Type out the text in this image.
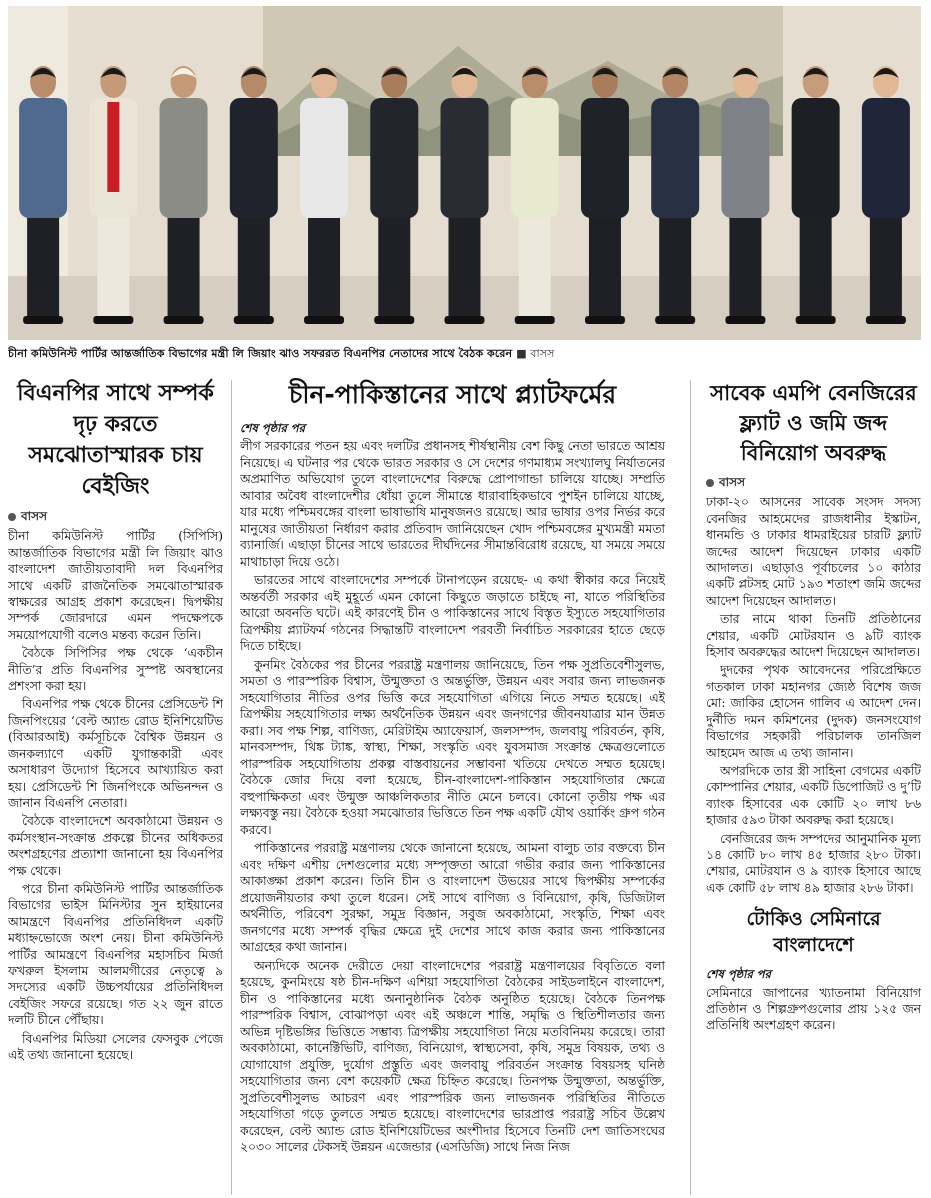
চীনা কমিউনিস্ট পার্টির আন্তর্জাতিক বিভাগের মন্ত্রী লি জিয়াং ঝাও সফররত বিএনপির নেতাদের সাথে বৈঠক করেন ■ বাসস
বিএনপির সাথে সম্পর্ক দৃঢ় করতে সমঝোতাস্মারক চায় বেইজিং
বাসস

চীনা কমিউনিস্ট পার্টির (সিপিসি) আন্তর্জাতিক বিভাগের মন্ত্রী লি জিয়াং ঝাও বাংলাদেশ জাতীয়তাবাদী দল বিএনপির সাথে একটি রাজনৈতিক সমঝোতাস্মারক স্বাক্ষরের আগ্রহ প্রকাশ করেছেন। দ্বিপক্ষীয় সম্পর্ক জোরদারে এমন পদক্ষেপকে সময়োপযোগী বলেও মন্তব্য করেন তিনি।

বৈঠকে সিপিসির পক্ষ থেকে ‘একচীন নীতি’র প্রতি বিএনপির সুস্পষ্ট অবস্থানের প্রশংসা করা হয়।

বিএনপির পক্ষ থেকে চীনের প্রেসিডেন্ট শি জিনপিংয়ের ‘বেল্ট অ্যান্ড রোড ইনিশিয়েটিভ (বিআরআই) কর্মসূচিকে বৈশ্বিক উন্নয়ন ও জনকল্যাণে একটি যুগান্তকারী এবং অসাধারণ উদ্যোগ হিসেবে আখ্যায়িত করা হয়। প্রেসিডেন্ট শি জিনপিংকে অভিনন্দন ও জানান বিএনপি নেতারা।

বৈঠকে বাংলাদেশে অবকাঠামো উন্নয়ন ও কর্মসংস্থান-সংক্রান্ত প্রকল্পে চীনের অধিকতর অংশগ্রহণের প্রত্যাশা জানানো হয় বিএনপির পক্ষ থেকে।

পরে চীনা কমিউনিস্ট পার্টির আন্তর্জাতিক বিভাগের ভাইস মিনিস্টার সুন হাইয়ানের আমন্ত্রণে বিএনপির প্রতিনিধিদল একটি মধ্যাহ্নভোজে অংশ নেয়। চীনা কমিউনিস্ট পার্টির আমন্ত্রণে বিএনপির মহাসচিব মির্জা ফখরুল ইসলাম আলমগীরের নেতৃত্বে ৯ সদস্যের একটি উচ্চপর্যায়ের প্রতিনিধিদল বেইজিং সফরে রয়েছে। গত ২২ জুন রাতে দলটি চীনে পৌঁছায়।

বিএনপির মিডিয়া সেলের ফেসবুক পেজে এই তথ্য জানানো হয়েছে।

চীন-পাকিস্তানের সাথে প্ল্যাটফর্মের
শেষ পৃষ্ঠার পর

লীগ সরকারের পতন হয় এবং দলটির প্রধানসহ শীর্ষস্থানীয় বেশ কিছু নেতা ভারতে আশ্রয় নিয়েছে। এ ঘটনার পর থেকে ভারত সরকার ও সে দেশের গণমাধ্যম সংখ্যালঘু নির্যাতনের অপ্রমাণিত অভিযোগ তুলে বাংলাদেশের বিরুদ্ধে প্রোপাগান্ডা চালিয়ে যাচ্ছে। সম্প্রতি আবার অবৈধ বাংলাদেশীর ধোঁয়া তুলে সীমান্তে ধারাবাহিকভাবে পুশইন চালিয়ে যাচ্ছে, যার মধ্যে পশ্চিমবঙ্গের বাংলা ভাষাভাষি মানুষজনও রয়েছে। আর ভাষার ওপর নির্ভর করে মানুষের জাতীয়তা নির্ধারণ করার প্রতিবাদ জানিয়েছেন খোদ পশ্চিমবঙ্গের মুখ্যমন্ত্রী মমতা ব্যানার্জি। এছাড়া চীনের সাথে ভারতের দীর্ঘদিনের সীমান্তবিরোধ রয়েছে, যা সময়ে সময়ে মাথাচাড়া দিয়ে ওঠে।

ভারতের সাথে বাংলাদেশের সম্পর্কে টানাপড়েন রয়েছে- এ কথা স্বীকার করে নিয়েই অন্তর্বর্তী সরকার এই মুহূর্তে এমন কোনো কিছুতে জড়াতে চাইছে না, যাতে পরিস্থিতির আরো অবনতি ঘটে। এই কারণেই চীন ও পাকিস্তানের সাথে বিস্তৃত ইস্যুতে সহযোগিতার ত্রিপক্ষীয় প্ল্যাটফর্ম গঠনের সিদ্ধান্তটি বাংলাদেশ পরবর্তী নির্বাচিত সরকারের হাতে ছেড়ে দিতে চাইছে।

কুনমিং বৈঠকের পর চীনের পররাষ্ট্র মন্ত্রণালয় জানিয়েছে, তিন পক্ষ সুপ্রতিবেশীসুলভ, সমতা ও পারস্পরিক বিশ্বাস, উন্মুক্ততা ও অন্তর্ভুক্তি, উন্নয়ন এবং সবার জন্য লাভজনক সহযোগিতার নীতির ওপর ভিত্তি করে সহযোগিতা এগিয়ে নিতে সম্মত হয়েছে। এই ত্রিপক্ষীয় সহযোগিতার লক্ষ্য অর্থনৈতিক উন্নয়ন এবং জনগণের জীবনযাত্রার মান উন্নত করা। সব পক্ষ শিল্প, বাণিজ্য, মেরিটাইম অ্যাফেয়ার্স, জলসম্পদ, জলবায়ু পরিবর্তন, কৃষি, মানবসম্পদ, থিঙ্ক ট্যাঙ্ক, স্বাস্থ্য, শিক্ষা, সংস্কৃতি এবং যুবসমাজ সংক্রান্ত ক্ষেত্রগুলোতে পারস্পরিক সহযোগিতায় প্রকল্প বাস্তবায়নের সম্ভাবনা খতিয়ে দেখতে সম্মত হয়েছে। বৈঠকে জোর দিয়ে বলা হয়েছে, চীন-বাংলাদেশ-পাকিস্তান সহযোগিতার ক্ষেত্রে বহুপাক্ষিকতা এবং উন্মুক্ত আঞ্চলিকতার নীতি মেনে চলবে। কোনো তৃতীয় পক্ষ এর লক্ষ্যবস্তু নয়। বৈঠকে হওয়া সমঝোতার ভিত্তিতে তিন পক্ষ একটি যৌথ ওয়ার্কিং গ্রুপ গঠন করবে।

পাকিস্তানের পররাষ্ট্র মন্ত্রণালয় থেকে জানানো হয়েছে, আমনা বালুচ তার বক্তব্যে চীন এবং দক্ষিণ এশীয় দেশগুলোর মধ্যে সম্পৃক্ততা আরো গভীর করার জন্য পাকিস্তানের আকাঙ্ক্ষা প্রকাশ করেন। তিনি চীন ও বাংলাদেশ উভয়ের সাথে দ্বিপক্ষীয় সম্পর্কের প্রয়োজনীয়তার কথা তুলে ধরেন। সেই সাথে বাণিজ্য ও বিনিয়োগ, কৃষি, ডিজিটাল অর্থনীতি, পরিবেশ সুরক্ষা, সমুদ্র বিজ্ঞান, সবুজ অবকাঠামো, সংস্কৃতি, শিক্ষা এবং জনগণের মধ্যে সম্পর্ক বৃদ্ধির ক্ষেত্রে দুই দেশের সাথে কাজ করার জন্য পাকিস্তানের আগ্রহের কথা জানান।

অন্যদিকে অনেক দেরীতে দেয়া বাংলাদেশের পররাষ্ট্র মন্ত্রণালয়ের বিবৃতিতে বলা হয়েছে, কুনমিংয়ে ষষ্ঠ চীন-দক্ষিণ এশিয়া সহযোগিতা বৈঠকের সাইডলাইনে বাংলাদেশ, চীন ও পাকিস্তানের মধ্যে অনানুষ্ঠানিক বৈঠক অনুষ্ঠিত হয়েছে। বৈঠকে তিনপক্ষ পারস্পরিক বিশ্বাস, বোঝাপড়া এবং এই অঞ্চলে শান্তি, সমৃদ্ধি ও স্থিতিশীলতার জন্য অভিন্ন দৃষ্টিভঙ্গির ভিত্তিতে সম্ভাব্য ত্রিপক্ষীয় সহযোগিতা নিয়ে মতবিনিময় করেছে। তারা অবকাঠামো, কানেক্টিভিটি, বাণিজ্য, বিনিয়োগ, স্বাস্থ্যসেবা, কৃষি, সমুদ্র বিষয়ক, তথ্য ও যোগাযোগ প্রযুক্তি, দুর্যোগ প্রস্তুতি এবং জলবায়ু পরিবর্তন সংক্রান্ত বিষয়সহ ঘনিষ্ঠ সহযোগিতার জন্য বেশ কয়েকটি ক্ষেত্র চিহ্নিত করেছে। তিনপক্ষ উন্মুক্ততা, অন্তর্ভুক্তি, সুপ্রতিবেশীসুলভ আচরণ এবং পারস্পরিক জন্য লাভজনক পরিস্থিতির নীতিতে সহযোগিতা গড়ে তুলতে সম্মত হয়েছে। বাংলাদেশের ভারপ্রাপ্ত পররাষ্ট্র সচিব উল্লেখ করেছেন, বেল্ট অ্যান্ড রোড ইনিশিয়েটিভের অংশীদার হিসেবে তিনটি দেশ জাতিসংঘের ২০৩০ সালের টেকসই উন্নয়ন এজেন্ডার (এসডিজি) সাথে নিজ নিজ

সাবেক এমপি বেনজিরের ফ্ল্যাট ও জমি জব্দ বিনিয়োগ অবরুদ্ধ
বাসস

ঢাকা-২০ আসনের সাবেক সংসদ সদস্য বেনজির আহমেদের রাজধানীর ইস্কাটন, ধানমন্ডি ও ঢাকার ধামরাইয়ের চারটি ফ্ল্যাট জব্দের আদেশ দিয়েছেন ঢাকার একটি আদালত। এছাড়াও পূর্বাচলের ১০ কাঠার একটি প্লটসহ মোট ১৯৩ শতাংশ জমি জব্দের আদেশ দিয়েছেন আদালত।

তার নামে থাকা তিনটি প্রতিষ্ঠানের শেয়ার, একটি মোটরযান ও ৯টি ব্যাংক হিসাব অবরুদ্ধের আদেশ দিয়েছেন আদালত।

দুদকের পৃথক আবেদনের পরিপ্রেক্ষিতে গতকাল ঢাকা মহানগর জ্যেষ্ঠ বিশেষ জজ মো: জাকির হোসেন গালিব এ আদেশ দেন। দুর্নীতি দমন কমিশনের (দুদক) জনসংযোগ বিভাগের সহকারী পরিচালক তানজিল আহমেদ আজ এ তথ্য জানান।

অপরদিকে তার স্ত্রী সাহিনা বেগমের একটি কোম্পানির শেয়ার, একটি ডিপোজিট ও দু’টি ব্যাংক হিসাবের এক কোটি ২০ লাখ ৮৬ হাজার ৫৯৩ টাকা অবরুদ্ধ করা হয়েছে।

বেনজিরের জব্দ সম্পদের আনুমানিক মূল্য ১৪ কোটি ৮০ লাখ ৪৫ হাজার ২৮০ টাকা। শেয়ার, মোটরযান ও ৯ ব্যাংক হিসাবে আছে এক কোটি ৫৮ লাখ ৪৯ হাজার ২৮৬ টাকা।

টোকিও সেমিনারে বাংলাদেশে
শেষ পৃষ্ঠার পর

সেমিনারে জাপানের খ্যাতনামা বিনিয়োগ প্রতিষ্ঠান ও শিল্পগ্রুপগুলোর প্রায় ১২৫ জন প্রতিনিধি অংশগ্রহণ করেন।
